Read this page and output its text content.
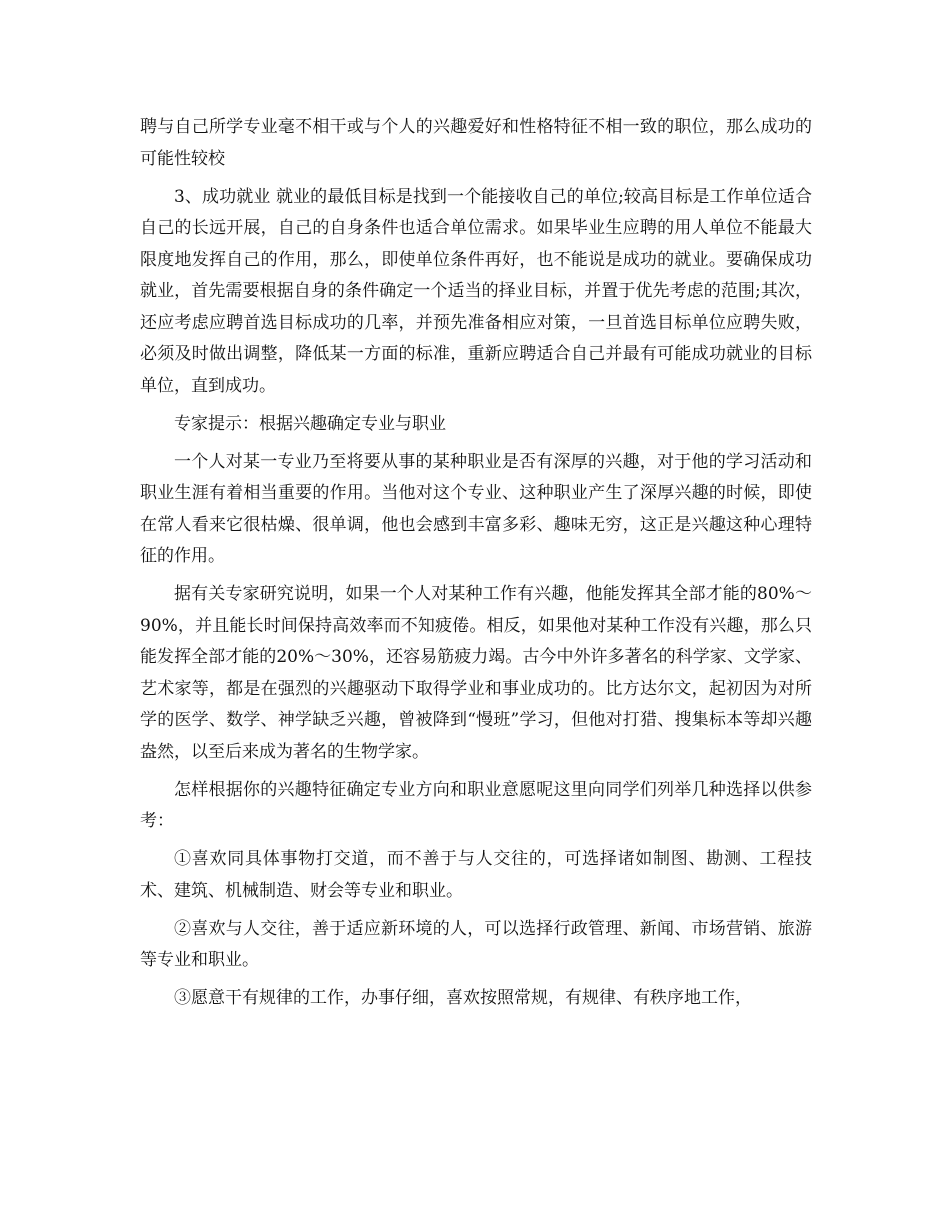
聘与自己所学专业毫不相干或与个人的兴趣爱好和性格特征不相一致的职位，那么成功的可能性较校

3、成功就业 就业的最低目标是找到一个能接收自己的单位;较高目标是工作单位适合自己的长远开展，自己的自身条件也适合单位需求。如果毕业生应聘的用人单位不能最大限度地发挥自己的作用，那么，即使单位条件再好，也不能说是成功的就业。要确保成功就业，首先需要根据自身的条件确定一个适当的择业目标，并置于优先考虑的范围;其次，还应考虑应聘首选目标成功的几率，并预先准备相应对策，一旦首选目标单位应聘失败，必须及时做出调整，降低某一方面的标准，重新应聘适合自己并最有可能成功就业的目标单位，直到成功。

专家提示：根据兴趣确定专业与职业

一个人对某一专业乃至将要从事的某种职业是否有深厚的兴趣，对于他的学习活动和职业生涯有着相当重要的作用。当他对这个专业、这种职业产生了深厚兴趣的时候，即使在常人看来它很枯燥、很单调，他也会感到丰富多彩、趣味无穷，这正是兴趣这种心理特征的作用。

据有关专家研究说明，如果一个人对某种工作有兴趣，他能发挥其全部才能的80%～90%，并且能长时间保持高效率而不知疲倦。相反，如果他对某种工作没有兴趣，那么只能发挥全部才能的20%～30%，还容易筋疲力竭。古今中外许多著名的科学家、文学家、艺术家等，都是在强烈的兴趣驱动下取得学业和事业成功的。比方达尔文，起初因为对所学的医学、数学、神学缺乏兴趣，曾被降到“慢班”学习，但他对打猎、搜集标本等却兴趣盎然，以至后来成为著名的生物学家。

怎样根据你的兴趣特征确定专业方向和职业意愿呢这里向同学们列举几种选择以供参考：

①喜欢同具体事物打交道，而不善于与人交往的，可选择诸如制图、勘测、工程技术、建筑、机械制造、财会等专业和职业。

②喜欢与人交往，善于适应新环境的人，可以选择行政管理、新闻、市场营销、旅游等专业和职业。

③愿意干有规律的工作，办事仔细，喜欢按照常规，有规律、有秩序地工作，
